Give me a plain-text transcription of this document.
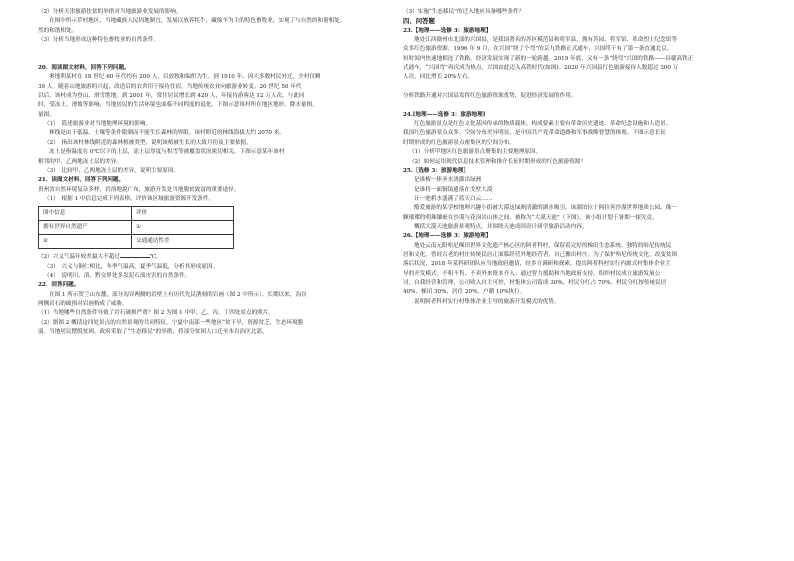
（2）分析天津旅游扶贫的举措对当地旅游业发展的影响。

在图中所示草村地区，当地藏族人民因地制宜，发展以放养牦牛、藏绵羊为主的特色畜牧业，实现了与自然的和谐相处。

然的和谐相处。

（3）分析当地形成这种特色畜牧业的自然条件。

20．阅读图文材料，回答下列问题。

奥地利某村在 18 世纪 60 年代约有 200 人，以放牧和编织为生。到 1910 年，因大多数村民外迁，全村仅剩

39 人。随着山地旅游的兴起，改造后的农舍用于接待住宿，当地传统农业向旅游业转变。20 世纪 50 年代

以后，该村成为登山、滑雪胜地。到 2001 年，常住居民增长到 420 人，年接待游客达 12 万人次。与此同

时，受冻土、滑坡等影响，当地居民的生活环境也面临不同程度的退化。下图示意该村所在地区地形、降水量图。

量图。

（1）　简述旅游业对当地地理环境的影响。

林线是由于低温、土壤等条件限制而不能生长森林的界限。该村附近的林线海拔大约 2070 米。

（2）　指出该村林线附近的森林植被类型，说明该植被生长的大致月份及主要依据。

冻土是指温度在 0℃以下的土层，冻土层厚度与积雪等被覆盖状况密切相关。下图示意某年该村

相邻的甲、乙两地冻土层的差异。

（3）　比较甲、乙两地冻土层的差异，说明主要原因。

21．读图文材料，回答下列问题。

贵州省自然环境复杂多样，岩溶地貌广布，旅游开发是当地脱贫致富的重要途径。

（1）　根据 1 中信息完成下列表格，评价该区域旅游资源开发条件。

图中信息	评价
拥有世界自然遗产	①
②	交通通达性差

（2）兴义气温年较差最大不超过	℃。

（3）　兴义与铜仁相比，冬季气温高，夏季气温低，分析其形成原因。

（4）　说明川、滇、黔交界处多发泥石流灾害的自然条件。

22．回答问题。

在图 1 所示贺兰山东麓，部分沟谷两侧的岩壁上有历代先民凿刻的岩画（图 2 中所示）。长期以来，沟谷

两侧岩石的破损对岩画构成了威胁。

（1）当地哪些自然条件导致了岩石破损严重？图 2 为图 1 中甲、乙、丙、丁四处景点的照片。

（2）据图 2 概括这四处景点的自然景观的共同特征。宁夏中南部一些地区“贫下旱，资源贫乏，生态环境脆

弱。当地居民摆脱贫困，政府采取了“生态移民”的举措，将部分贫困人口迁至本自治区北部。

（3）实施“生态移民”的迁入地应具备哪些条件？

四、问答题

23.【地理——选修 3：旅游地理】

地处江西赣州市北部的兴国县，是我国著名的苏区模范县和将军县，拥有苏园、将军馆、革命烈士纪念馆等

众多红色旅游资源。1996 年 9 月，在兴国“绕了个弯”的京九铁路正式通车，兴国终于有了第一条直通北京，

短时间内快速地相连了铁路，经济发展实现了新的一轮跨越。2019 年底，又有一条“绕弯”兴国的铁路——昌赣高铁正

式通车，“兴国弯”再次成为热点，兴国由此迈入高铁时代(如图)。2020 年兴国县红色旅游接待人数超过 300 万

人次，同比增长 20%左右。

分析铁路开通对兴国县发挥红色旅游资源优势，促进经济发展的作用。

24.[地理——选修 3：旅游地理]

红色旅游景点是红色文化基因传承的物质载体，构成要素主要有革命历史遗迹、革命纪念设施和人造景。

我国红色旅游景点众多，空间分布差异明显，是中国共产党革命道路和军事战略智慧的体现。下图示意长征

时期形成的红色旅游景点密集区的空间分布。

（1）分析甲地区红色旅游景点聚集的主要地理原因。

（2）如何运用现代信息技术管理和推介长征时期形成的红色旅游资源？

25.［选修 3：旅游地理］

是谁梅一捧圣水浇灌出绿洲

是谁将一面铜镜遗落在戈壁大漠

让一池碧水盛满了蓝天白云……

酷爱旅游的某学校地理兴趣小组被大漠这绿洲清澈的湖水吸引，该湖泊位于阿拉善沙漠世界地质公园，像一

颗璀璨的明珠镶嵌在沙漠与花岗岩山体之间，被称为“大漠天池”（下图），该小组计划于暑期一探究竟。

概括大漠天池旅游景观特点，并围绕天池成因设计研学旅游活动内容。

26.【地理——选修 3：旅游地理】

地处云南元阳哈尼梯田世界文化遗产核心区的阿者科村，保留着完好的梯田生态系统、独特的哈尼传统民

居和文化。曾经古老的村庄传统民居正面临经营外地经营者，自己搬出村庄。为了保护哈尼传统文化，改变贫困

落后状况，2018 年某科研团队应当地政府邀请，经多方调研和探索，提出阿者科村实行内源式村集体企业主

导的开发模式：不租不售、不卖外来资本介入；通过智力援助和当地政府支持，组织村民成立旅游发展公

司，自我经营和管理，公司收入自主可控，村集体公司留成 30%，村民分红占 70%。村民分红按传统民居

40%、梯田 30%、居住 20%、户籍 10%执行。

说明阿者科村实行村集体企业主导的旅游开发模式的优势。
